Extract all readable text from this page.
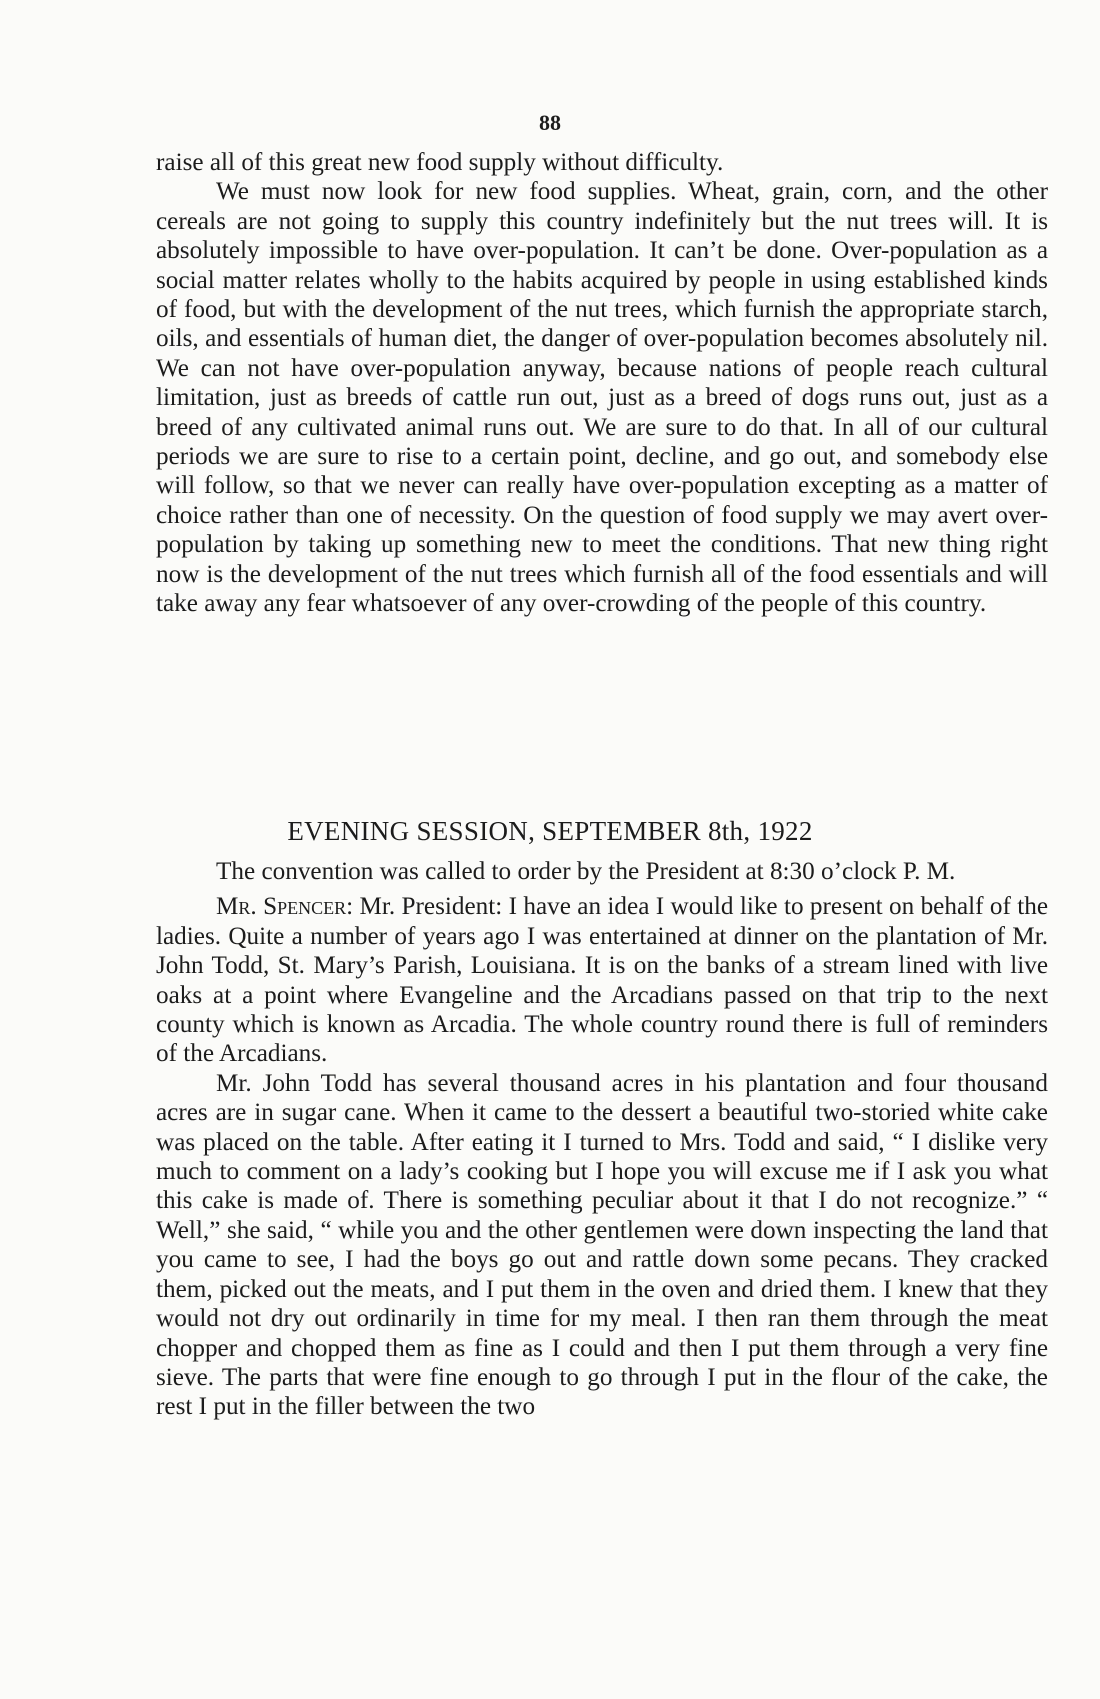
88

raise all of this great new food supply without difficulty.

We must now look for new food supplies. Wheat, grain, corn, and the other cereals are not going to supply this country indefinitely but the nut trees will. It is absolutely impossible to have over-population. It can’t be done. Over-population as a social matter relates wholly to the habits acquired by people in using established kinds of food, but with the development of the nut trees, which furnish the appropriate starch, oils, and essentials of human diet, the danger of over-population becomes absolutely nil. We can not have over-population anyway, because nations of people reach cultural limitation, just as breeds of cattle run out, just as a breed of dogs runs out, just as a breed of any cultivated animal runs out. We are sure to do that. In all of our cultural periods we are sure to rise to a certain point, decline, and go out, and somebody else will follow, so that we never can really have over-population excepting as a matter of choice rather than one of necessity. On the question of food supply we may avert over-population by taking up something new to meet the conditions. That new thing right now is the development of the nut trees which furnish all of the food essentials and will take away any fear whatsoever of any over-crowding of the people of this country.

EVENING SESSION, SEPTEMBER 8th, 1922

The convention was called to order by the President at 8:30 o’clock P. M.

Mr. Spencer: Mr. President: I have an idea I would like to present on behalf of the ladies. Quite a number of years ago I was entertained at dinner on the plantation of Mr. John Todd, St. Mary’s Parish, Louisiana. It is on the banks of a stream lined with live oaks at a point where Evangeline and the Arcadians passed on that trip to the next county which is known as Arcadia. The whole country round there is full of reminders of the Arcadians.

Mr. John Todd has several thousand acres in his plantation and four thousand acres are in sugar cane. When it came to the dessert a beautiful two-storied white cake was placed on the table. After eating it I turned to Mrs. Todd and said, “ I dislike very much to comment on a lady’s cooking but I hope you will excuse me if I ask you what this cake is made of. There is something peculiar about it that I do not recognize.” “ Well,” she said, “ while you and the other gentlemen were down inspecting the land that you came to see, I had the boys go out and rattle down some pecans. They cracked them, picked out the meats, and I put them in the oven and dried them. I knew that they would not dry out ordinarily in time for my meal. I then ran them through the meat chopper and chopped them as fine as I could and then I put them through a very fine sieve. The parts that were fine enough to go through I put in the flour of the cake, the rest I put in the filler between the two
